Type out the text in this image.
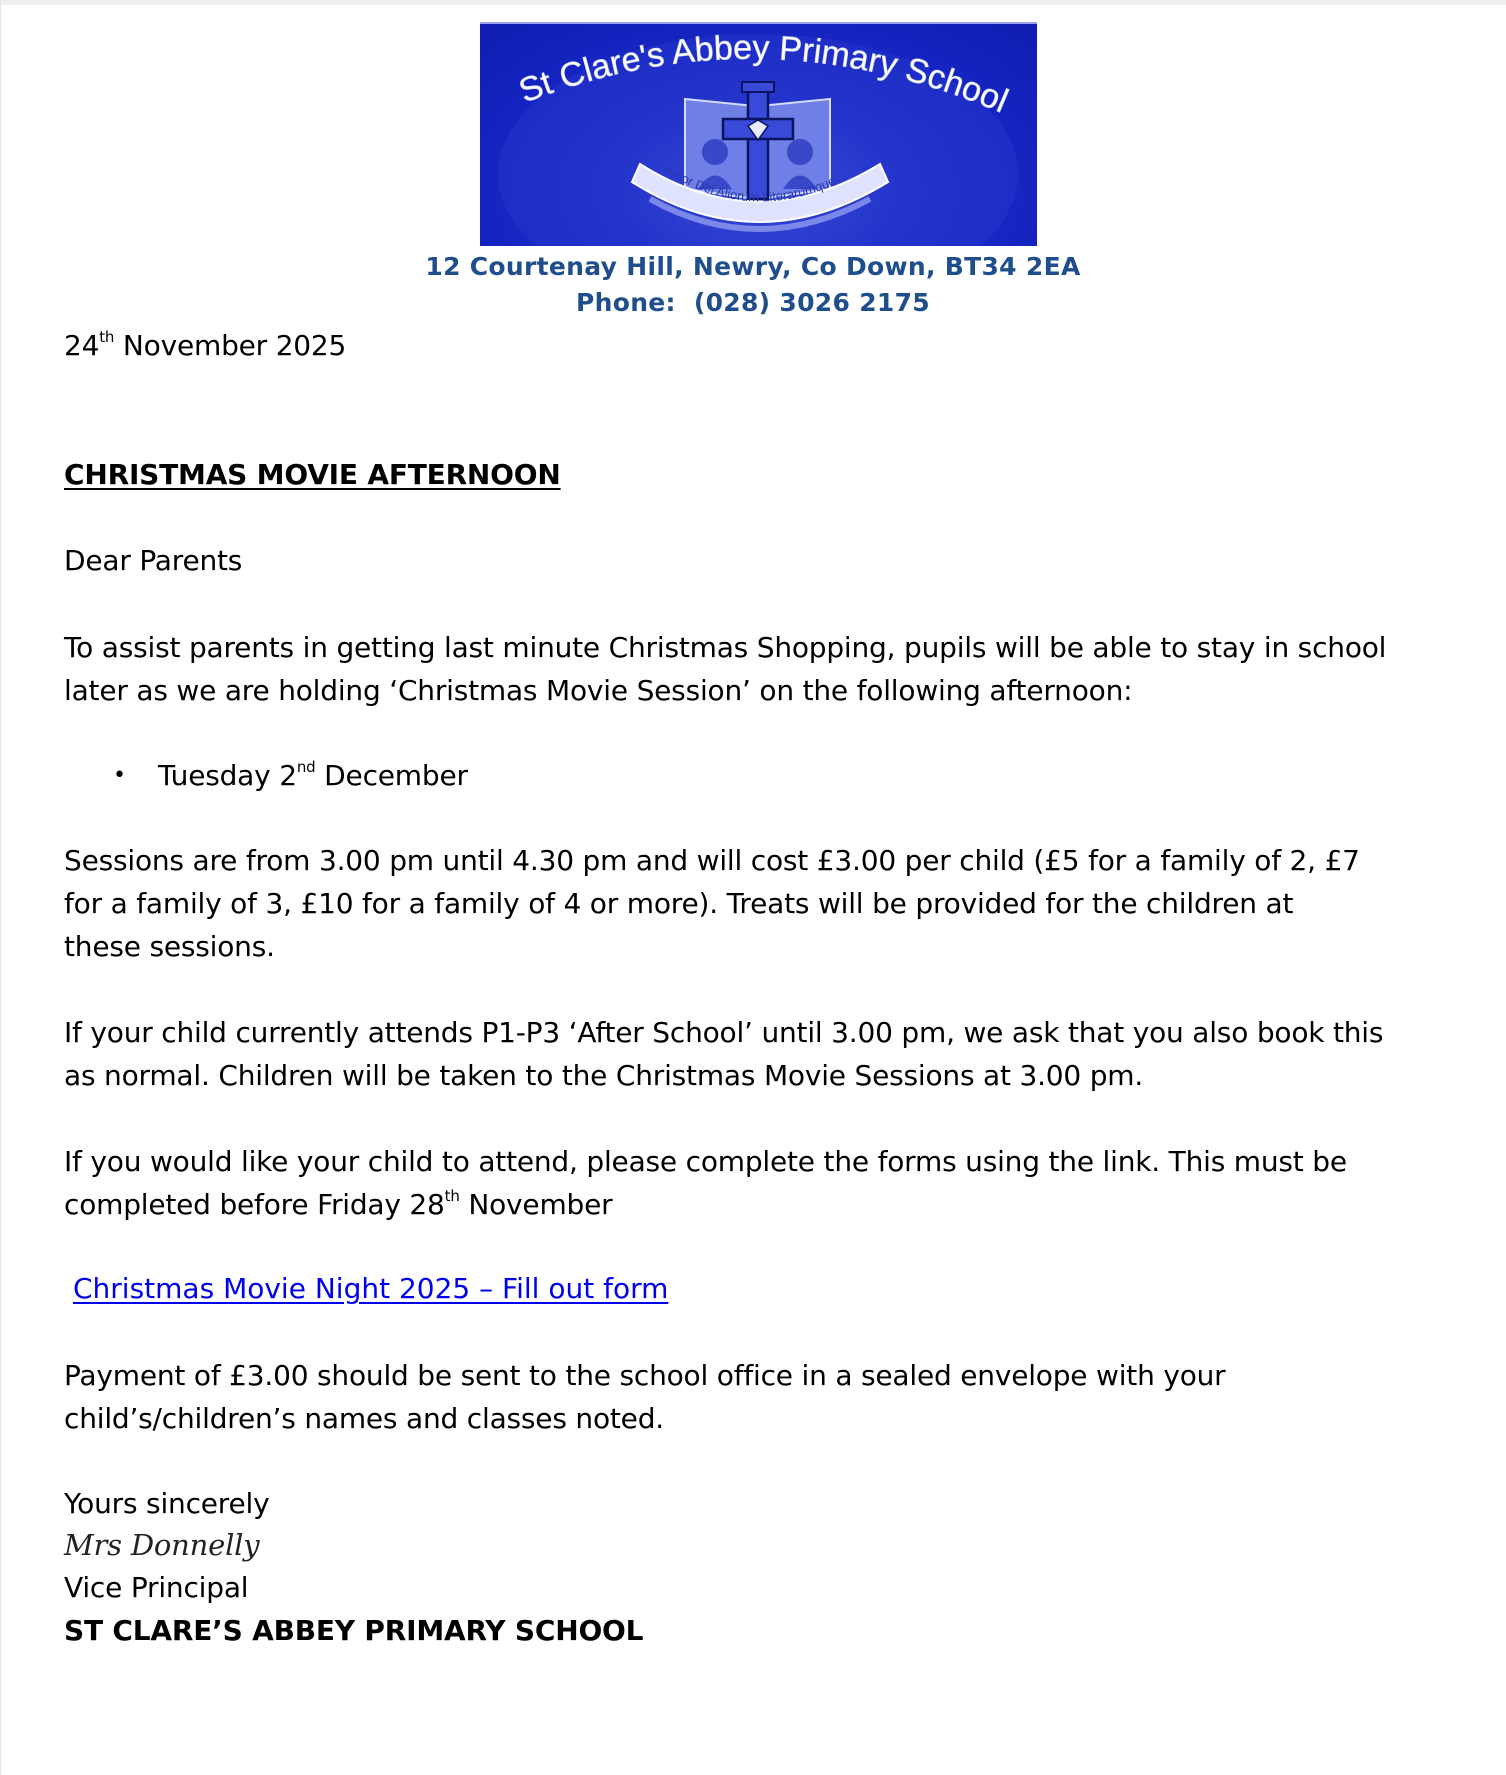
St Clare's Abbey Primary School
Amor Dei Aliorum Literarumque
12 Courtenay Hill, Newry, Co Down, BT34 2EA
Phone: (028) 3026 2175
24th November 2025
CHRISTMAS MOVIE AFTERNOON
Dear Parents
To assist parents in getting last minute Christmas Shopping, pupils will be able to stay in school
later as we are holding ‘Christmas Movie Session’ on the following afternoon:
• Tuesday 2nd December
Sessions are from 3.00 pm until 4.30 pm and will cost £3.00 per child (£5 for a family of 2, £7
for a family of 3, £10 for a family of 4 or more). Treats will be provided for the children at
these sessions.
If your child currently attends P1-P3 ‘After School’ until 3.00 pm, we ask that you also book this
as normal. Children will be taken to the Christmas Movie Sessions at 3.00 pm.
If you would like your child to attend, please complete the forms using the link. This must be
completed before Friday 28th November
Christmas Movie Night 2025 – Fill out form
Payment of £3.00 should be sent to the school office in a sealed envelope with your
child’s/children’s names and classes noted.
Yours sincerely
Mrs Donnelly
Vice Principal
ST CLARE’S ABBEY PRIMARY SCHOOL
